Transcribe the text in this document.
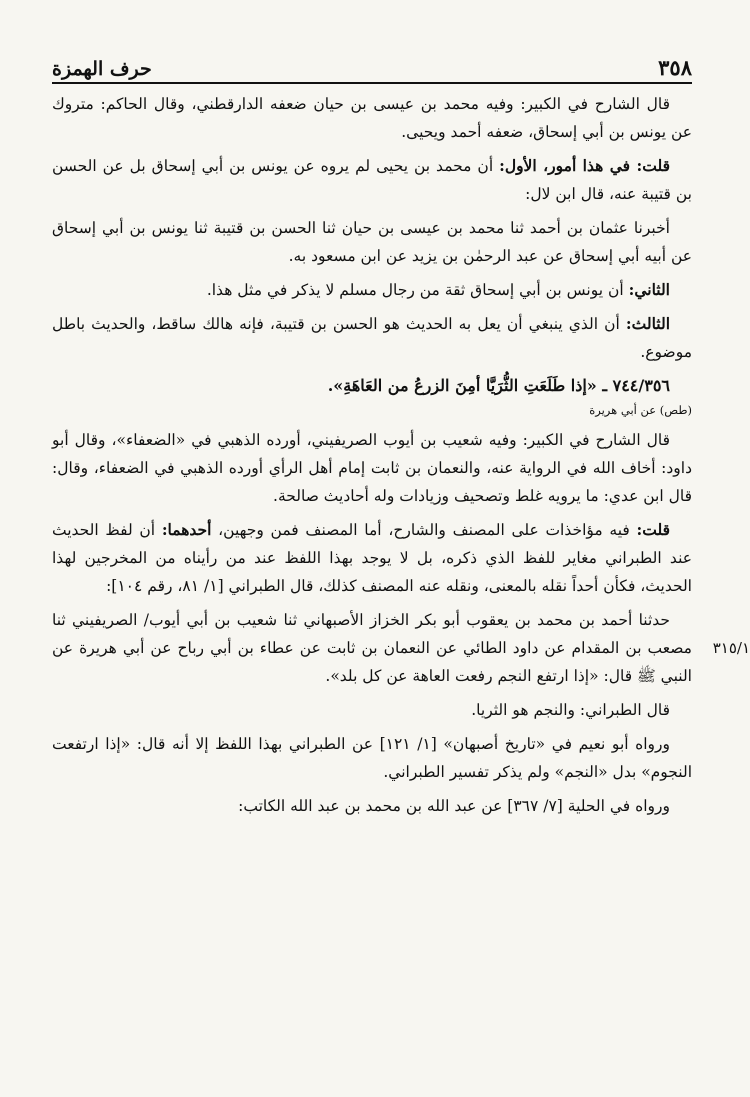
٣٥٨
حرف الهمزة

قال الشارح في الكبير: وفيه محمد بن عيسى بن حيان ضعفه الدارقطني، وقال الحاكم: متروك عن يونس بن أبي إسحاق، ضعفه أحمد ويحيى.

قلت: في هذا أمور، الأول: أن محمد بن يحيى لم يروه عن يونس بن أبي إسحاق بل عن الحسن بن قتيبة عنه، قال ابن لال:

أخبرنا عثمان بن أحمد ثنا محمد بن عيسى بن حيان ثنا الحسن بن قتيبة ثنا يونس بن أبي إسحاق عن أبيه أبي إسحاق عن عبد الرحمٰن بن يزيد عن ابن مسعود به.

الثاني: أن يونس بن أبي إسحاق ثقة من رجال مسلم لا يذكر في مثل هذا.

الثالث: أن الذي ينبغي أن يعل به الحديث هو الحسن بن قتيبة، فإنه هالك ساقط، والحديث باطل موضوع.

٧٤٤/٣٥٦ ـ «إذا طَلَعَتِ الثُّرَيَّا أمِنَ الزرعُ من العَاهَةِ».

(طص) عن أبي هريرة

قال الشارح في الكبير: وفيه شعيب بن أيوب الصريفيني، أورده الذهبي في «الضعفاء»، وقال أبو داود: أخاف الله في الرواية عنه، والنعمان بن ثابت إمام أهل الرأي أورده الذهبي في الضعفاء، وقال: قال ابن عدي: ما يرويه غلط وتصحيف وزيادات وله أحاديث صالحة.

قلت: فيه مؤاخذات على المصنف والشارح، أما المصنف فمن وجهين، أحدهما: أن لفظ الحديث عند الطبراني مغاير للفظ الذي ذكره، بل لا يوجد بهذا اللفظ عند من رأيناه من المخرجين لهذا الحديث، فكأن أحداً نقله بالمعنى، ونقله عنه المصنف كذلك، قال الطبراني [١/ ٨١، رقم ١٠٤]:

٣١٥/١

حدثنا أحمد بن محمد بن يعقوب أبو بكر الخزاز الأصبهاني ثنا شعيب بن أبي أيوب/ الصريفيني ثنا مصعب بن المقدام عن داود الطائي عن النعمان بن ثابت عن عطاء بن أبي رباح عن أبي هريرة عن النبي ﷺ قال: «إذا ارتفع النجم رفعت العاهة عن كل بلد».

قال الطبراني: والنجم هو الثريا.

ورواه أبو نعيم في «تاريخ أصبهان» [١/ ١٢١] عن الطبراني بهذا اللفظ إلا أنه قال: «إذا ارتفعت النجوم» بدل «النجم» ولم يذكر تفسير الطبراني.

ورواه في الحلية [٧/ ٣٦٧] عن عبد الله بن محمد بن عبد الله الكاتب:
